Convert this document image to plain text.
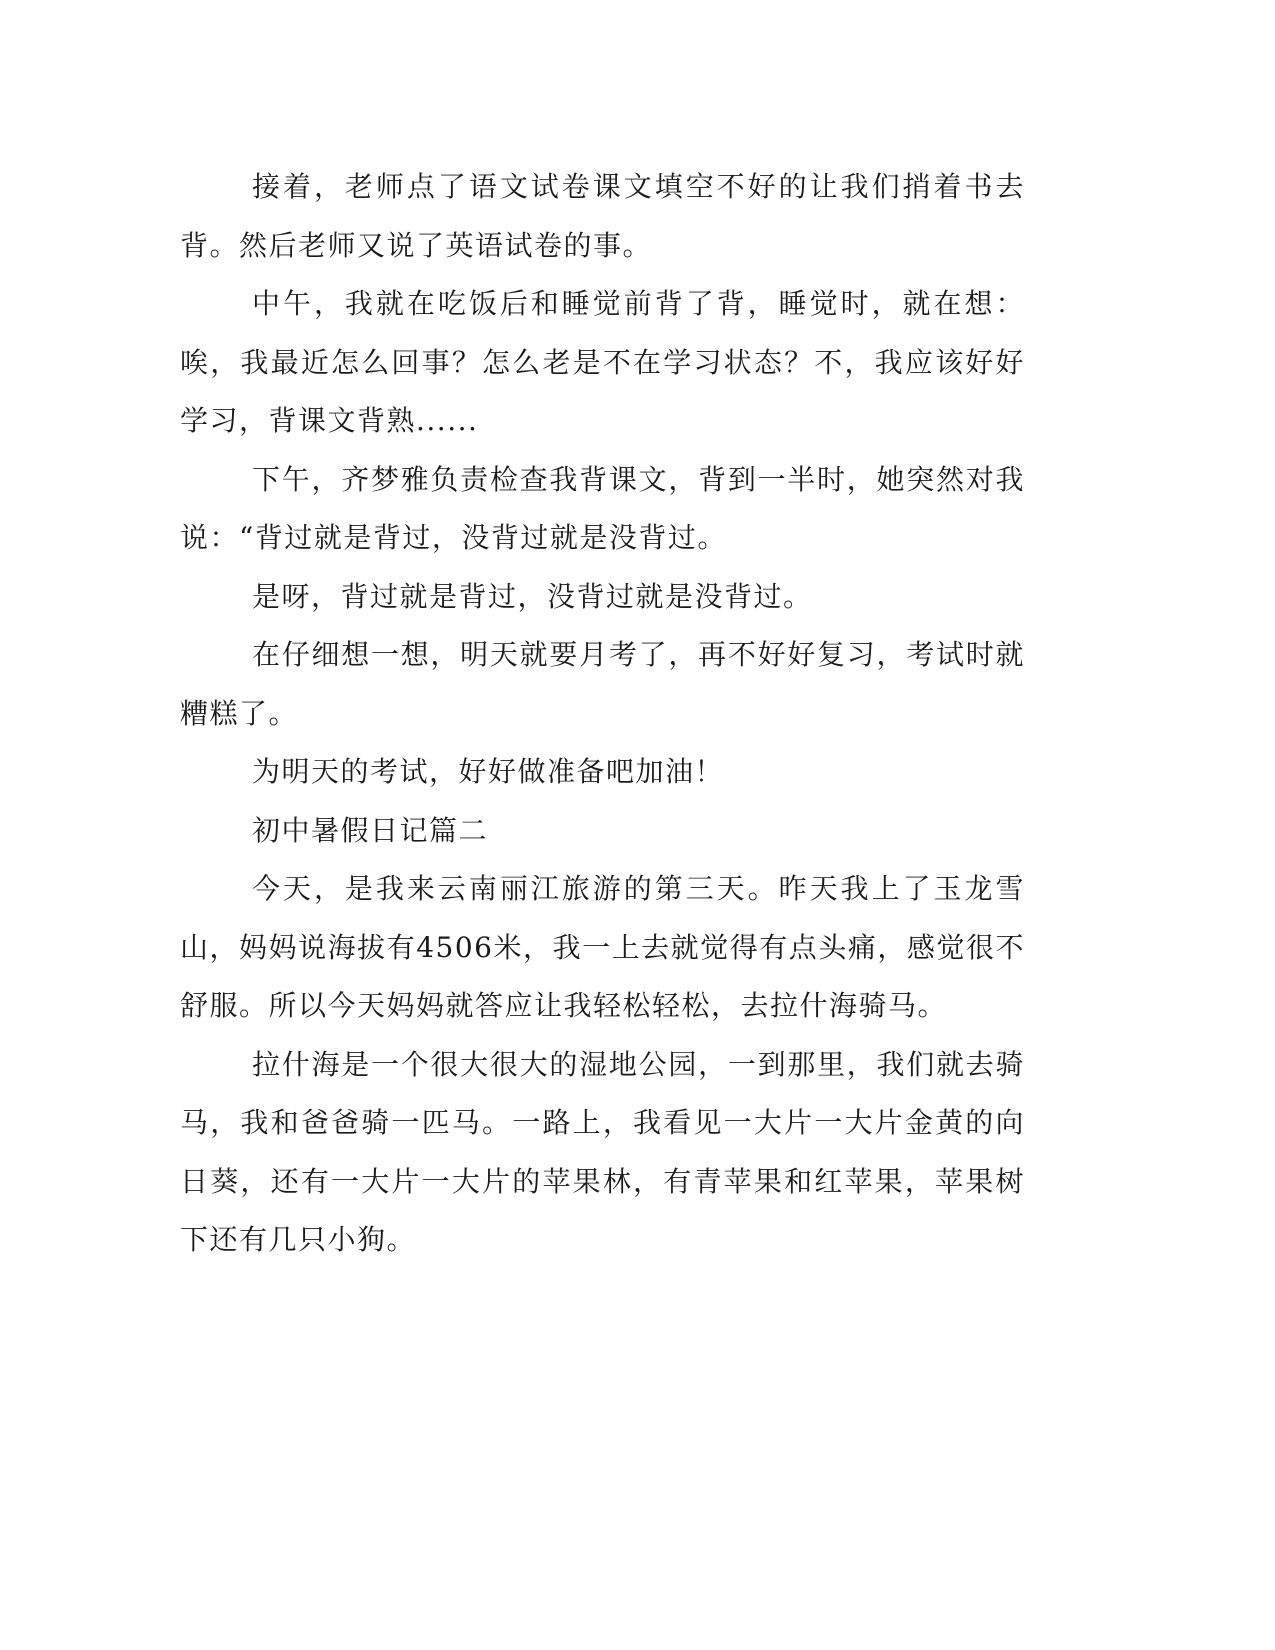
接着，老师点了语文试卷课文填空不好的让我们捎着书去背。然后老师又说了英语试卷的事。

中午，我就在吃饭后和睡觉前背了背，睡觉时，就在想：唉，我最近怎么回事？怎么老是不在学习状态？不，我应该好好学习，背课文背熟......

下午，齐梦雅负责检查我背课文，背到一半时，她突然对我说：“背过就是背过，没背过就是没背过。

是呀，背过就是背过，没背过就是没背过。

在仔细想一想，明天就要月考了，再不好好复习，考试时就糟糕了。

为明天的考试，好好做准备吧加油！

初中暑假日记篇二

今天，是我来云南丽江旅游的第三天。昨天我上了玉龙雪山，妈妈说海拔有4506米，我一上去就觉得有点头痛，感觉很不舒服。所以今天妈妈就答应让我轻松轻松，去拉什海骑马。

拉什海是一个很大很大的湿地公园，一到那里，我们就去骑马，我和爸爸骑一匹马。一路上，我看见一大片一大片金黄的向日葵，还有一大片一大片的苹果林，有青苹果和红苹果，苹果树下还有几只小狗。
